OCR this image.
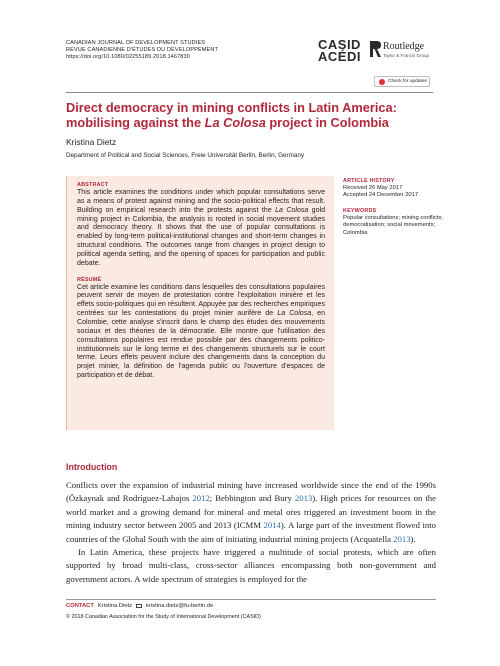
CANADIAN JOURNAL OF DEVELOPMENT STUDIES
REVUE CANADIENNE D'ÉTUDES DU DÉVELOPPEMENT
https://doi.org/10.1080/02255189.2018.1467830
CASID
ACÉDI
Routledge
Taylor & Francis Group
Check for updates
Direct democracy in mining conflicts in Latin America:
mobilising against the La Colosa project in Colombia
Kristina Dietz
Department of Political and Social Sciences, Freie Universität Berlin, Berlin, Germany
ABSTRACT
This article examines the conditions under which popular consultations serve as a means of protest against mining and the socio-political effects that result. Building on empirical research into the protests against the La Colosa gold mining project in Colombia, the analysis is rooted in social movement studies and democracy theory. It shows that the use of popular consultations is enabled by long-term political-institutional changes and short-term changes in structural conditions. The outcomes range from changes in project design to political agenda setting, and the opening of spaces for participation and public debate.
RÉSUMÉ
Cet article examine les conditions dans lesquelles des consultations populaires peuvent servir de moyen de protestation contre l'exploitation minière et les effets socio-politiques qui en résultent. Appuyée par des recherches empiriques centrées sur les contestations du projet minier aurifère de La Colosa, en Colombie, cette analyse s'inscrit dans le champ des études des mouvements sociaux et des théories de la démocratie. Elle montre que l'utilisation des consultations populaires est rendue possible par des changements politico-institutionnels sur le long terme et des changements structurels sur le court terme. Leurs effets peuvent inclure des changements dans la conception du projet minier, la définition de l'agenda public ou l'ouverture d'espaces de participation et de débat.
ARTICLE HISTORY
Received 26 May 2017
Accepted 24 December 2017
KEYWORDS
Popular consultations; mining conflicts; democratisation; social movements; Colombia
Introduction

Conflicts over the expansion of industrial mining have increased worldwide since the end of the 1990s (Özkaynak and Rodríguez-Labajos 2012; Bebbington and Bury 2013). High prices for resources on the world market and a growing demand for mineral and metal ores triggered an investment boom in the mining industry sector between 2005 and 2013 (ICMM 2014). A large part of the investment flowed into countries of the Global South with the aim of initiating industrial mining projects (Acquatella 2013).

In Latin America, these projects have triggered a multitude of social protests, which are often supported by broad multi-class, cross-sector alliances encompassing both non-government and government actors. A wide spectrum of strategies is employed for the

CONTACT Kristina Dietz kristina.dietz@fu-berlin.de
© 2018 Canadian Association for the Study of International Development (CASID)
